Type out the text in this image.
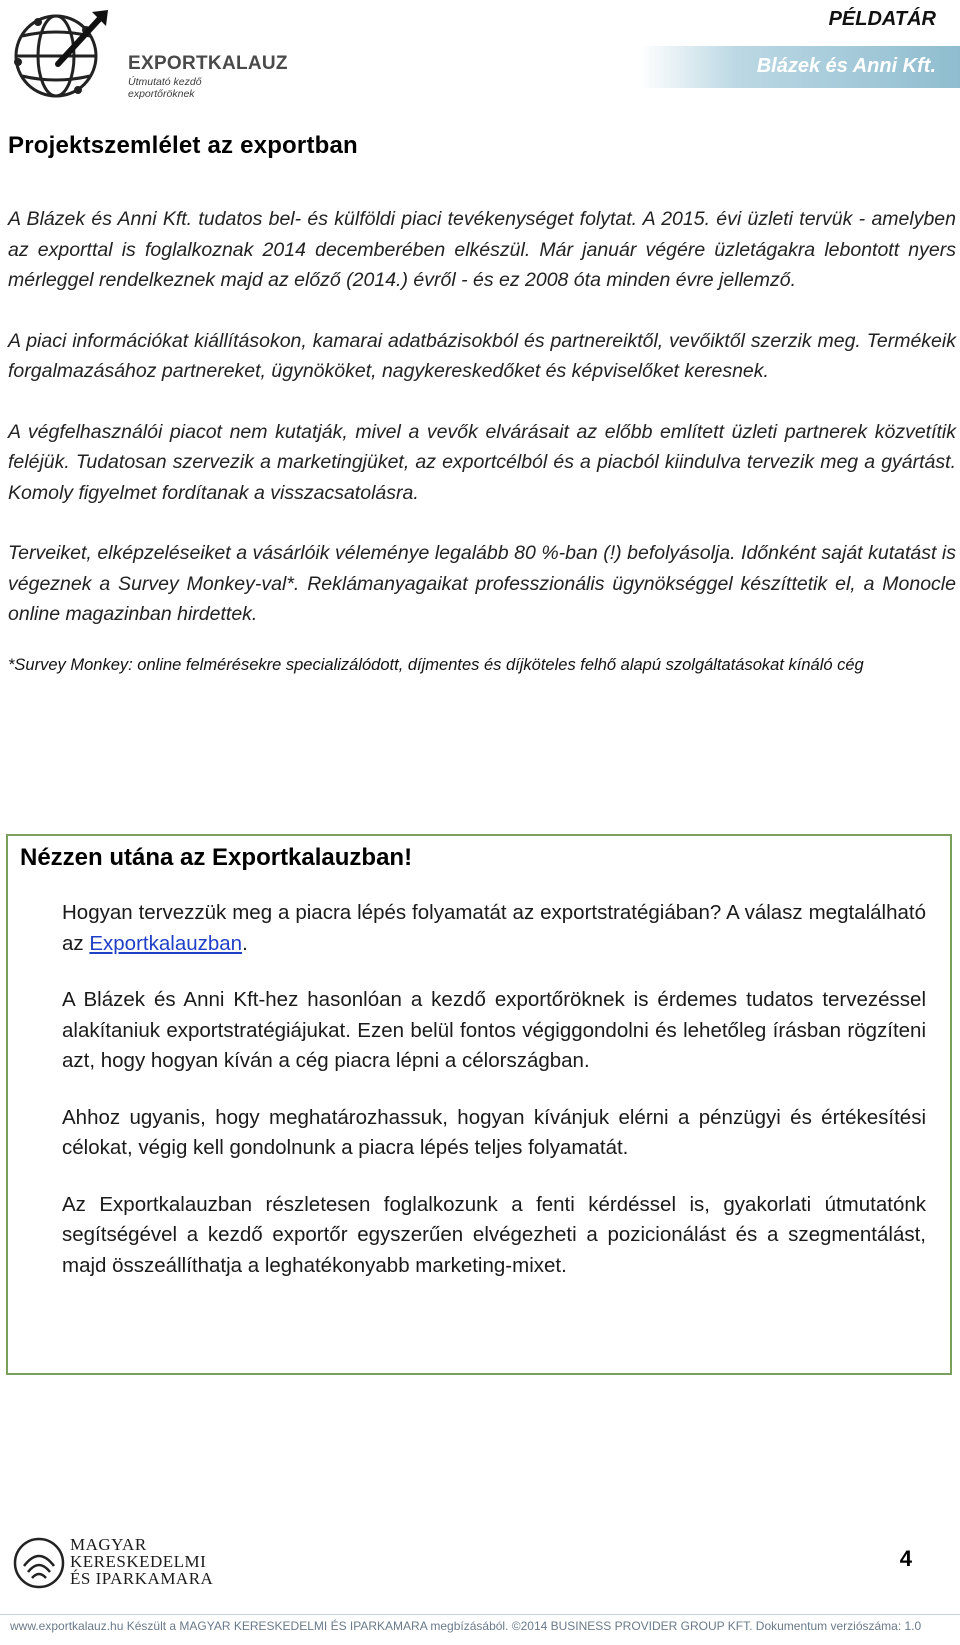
EXPORTKALAUZ
Útmutató kezdő exportőröknek
PÉLDATÁR
Blázek és Anni Kft.
Projektszemlélet az exportban

A Blázek és Anni Kft. tudatos bel- és külföldi piaci tevékenységet folytat. A 2015. évi üzleti tervük - amelyben az exporttal is foglalkoznak 2014 decemberében elkészül. Már január végére üzletágakra lebontott nyers mérleggel rendelkeznek majd az előző (2014.) évről - és ez 2008 óta minden évre jellemző.

A piaci információkat kiállításokon, kamarai adatbázisokból és partnereiktől, vevőiktől szerzik meg. Termékeik forgalmazásához partnereket, ügynököket, nagykereskedőket és képviselőket keresnek.

A végfelhasználói piacot nem kutatják, mivel a vevők elvárásait az előbb említett üzleti partnerek közvetítik feléjük. Tudatosan szervezik a marketingjüket, az exportcélból és a piacból kiindulva tervezik meg a gyártást. Komoly figyelmet fordítanak a visszacsatolásra.

Terveiket, elképzeléseiket a vásárlóik véleménye legalább 80 %-ban (!) befolyásolja. Időnként saját kutatást is végeznek a Survey Monkey-val*. Reklámanyagaikat professzionális ügynökséggel készíttetik el, a Monocle online magazinban hirdettek.

*Survey Monkey: online felmérésekre specializálódott, díjmentes és díjköteles felhő alapú szolgáltatásokat kínáló cég
Nézzen utána az Exportkalauzban!

Hogyan tervezzük meg a piacra lépés folyamatát az exportstratégiában? A válasz megtalálható az Exportkalauzban.

A Blázek és Anni Kft-hez hasonlóan a kezdő exportőröknek is érdemes tudatos tervezéssel alakítaniuk exportstratégiájukat. Ezen belül fontos végiggondolni és lehetőleg írásban rögzíteni azt, hogy hogyan kíván a cég piacra lépni a célországban.

Ahhoz ugyanis, hogy meghatározhassuk, hogyan kívánjuk elérni a pénzügyi és értékesítési célokat, végig kell gondolnunk a piacra lépés teljes folyamatát.

Az Exportkalauzban részletesen foglalkozunk a fenti kérdéssel is, gyakorlati útmutatónk segítségével a kezdő exportőr egyszerűen elvégezheti a pozicionálást és a szegmentálást, majd összeállíthatja a leghatékonyabb marketing-mixet.

MAGYAR
KERESKEDELMI
ÉS IPARKAMARA
4
www.exportkalauz.hu Készült a MAGYAR KERESKEDELMI ÉS IPARKAMARA megbízásából. ©2014 BUSINESS PROVIDER GROUP KFT. Dokumentum verziószáma: 1.0
